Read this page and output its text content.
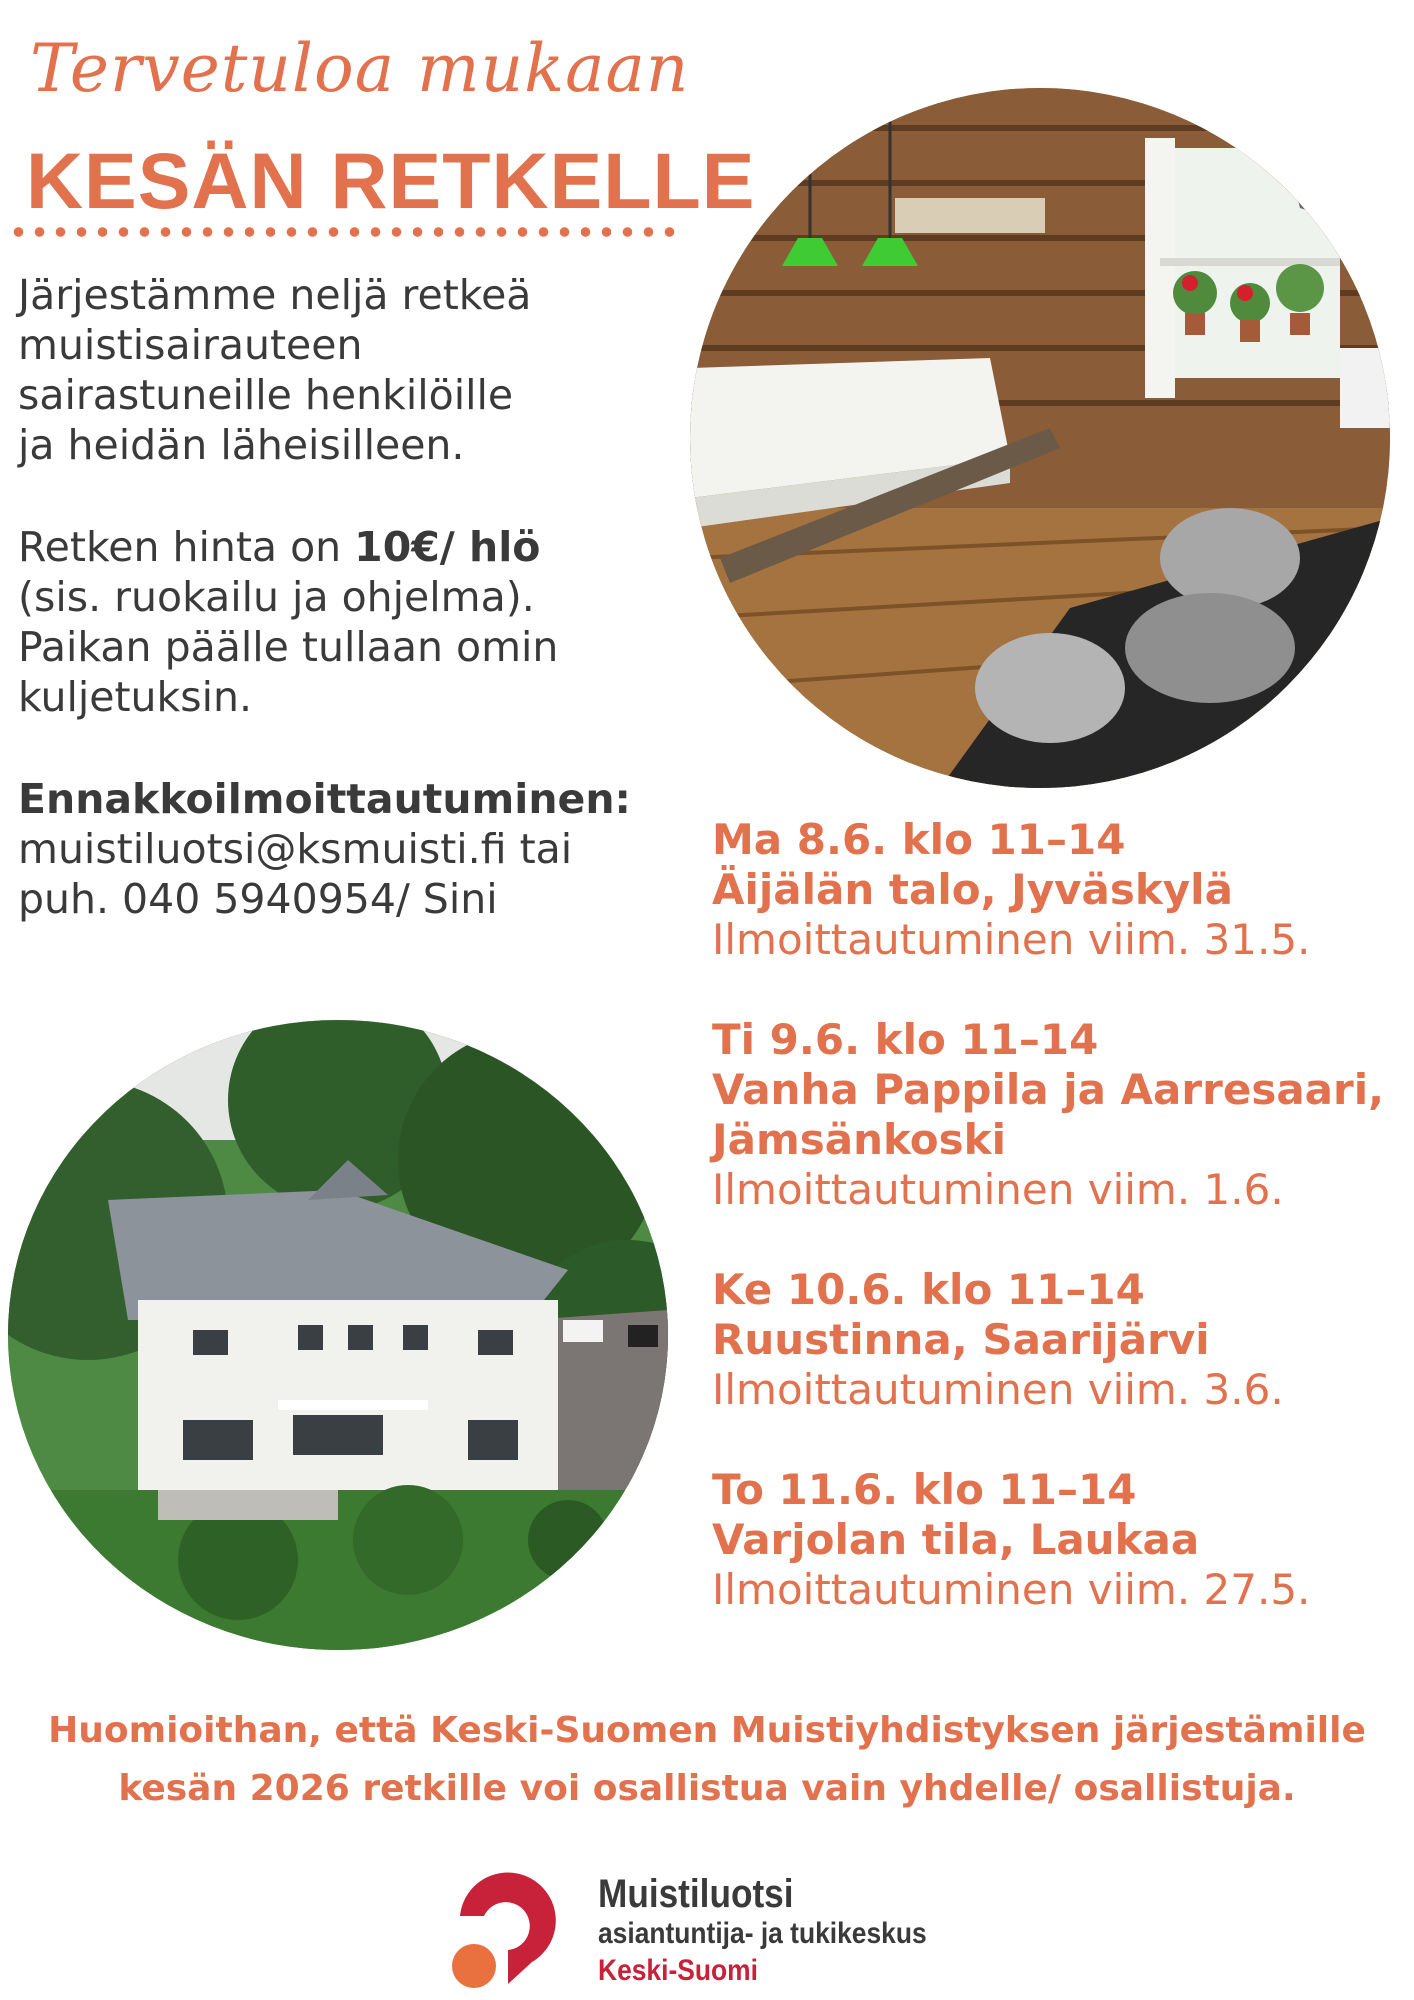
Tervetuloa mukaan
KESÄN RETKELLE

Järjestämme neljä retkeä

muistisairauteen

sairastuneille henkilöille

ja heidän läheisilleen.

Retken hinta on 10€/ hlö

(sis. ruokailu ja ohjelma).

Paikan päälle tullaan omin

kuljetuksin.

Ennakkoilmoittautuminen:

muistiluotsi@ksmuisti.fi tai

puh. 040 5940954/ Sini

Ma 8.6. klo 11–14
Äijälän talo, Jyväskylä
Ilmoittautuminen viim. 31.5.
Ti 9.6. klo 11–14
Vanha Pappila ja Aarresaari, Jämsänkoski
Ilmoittautuminen viim. 1.6.
Ke 10.6. klo 11–14
Ruustinna, Saarijärvi
Ilmoittautuminen viim. 3.6.
To 11.6. klo 11–14
Varjolan tila, Laukaa
Ilmoittautuminen viim. 27.5.
Huomioithan, että Keski-Suomen Muistiyhdistyksen järjestämille
kesän 2026 retkille voi osallistua vain yhdelle/ osallistuja.
Muistiluotsi
asiantuntija- ja tukikeskus
Keski-Suomi
